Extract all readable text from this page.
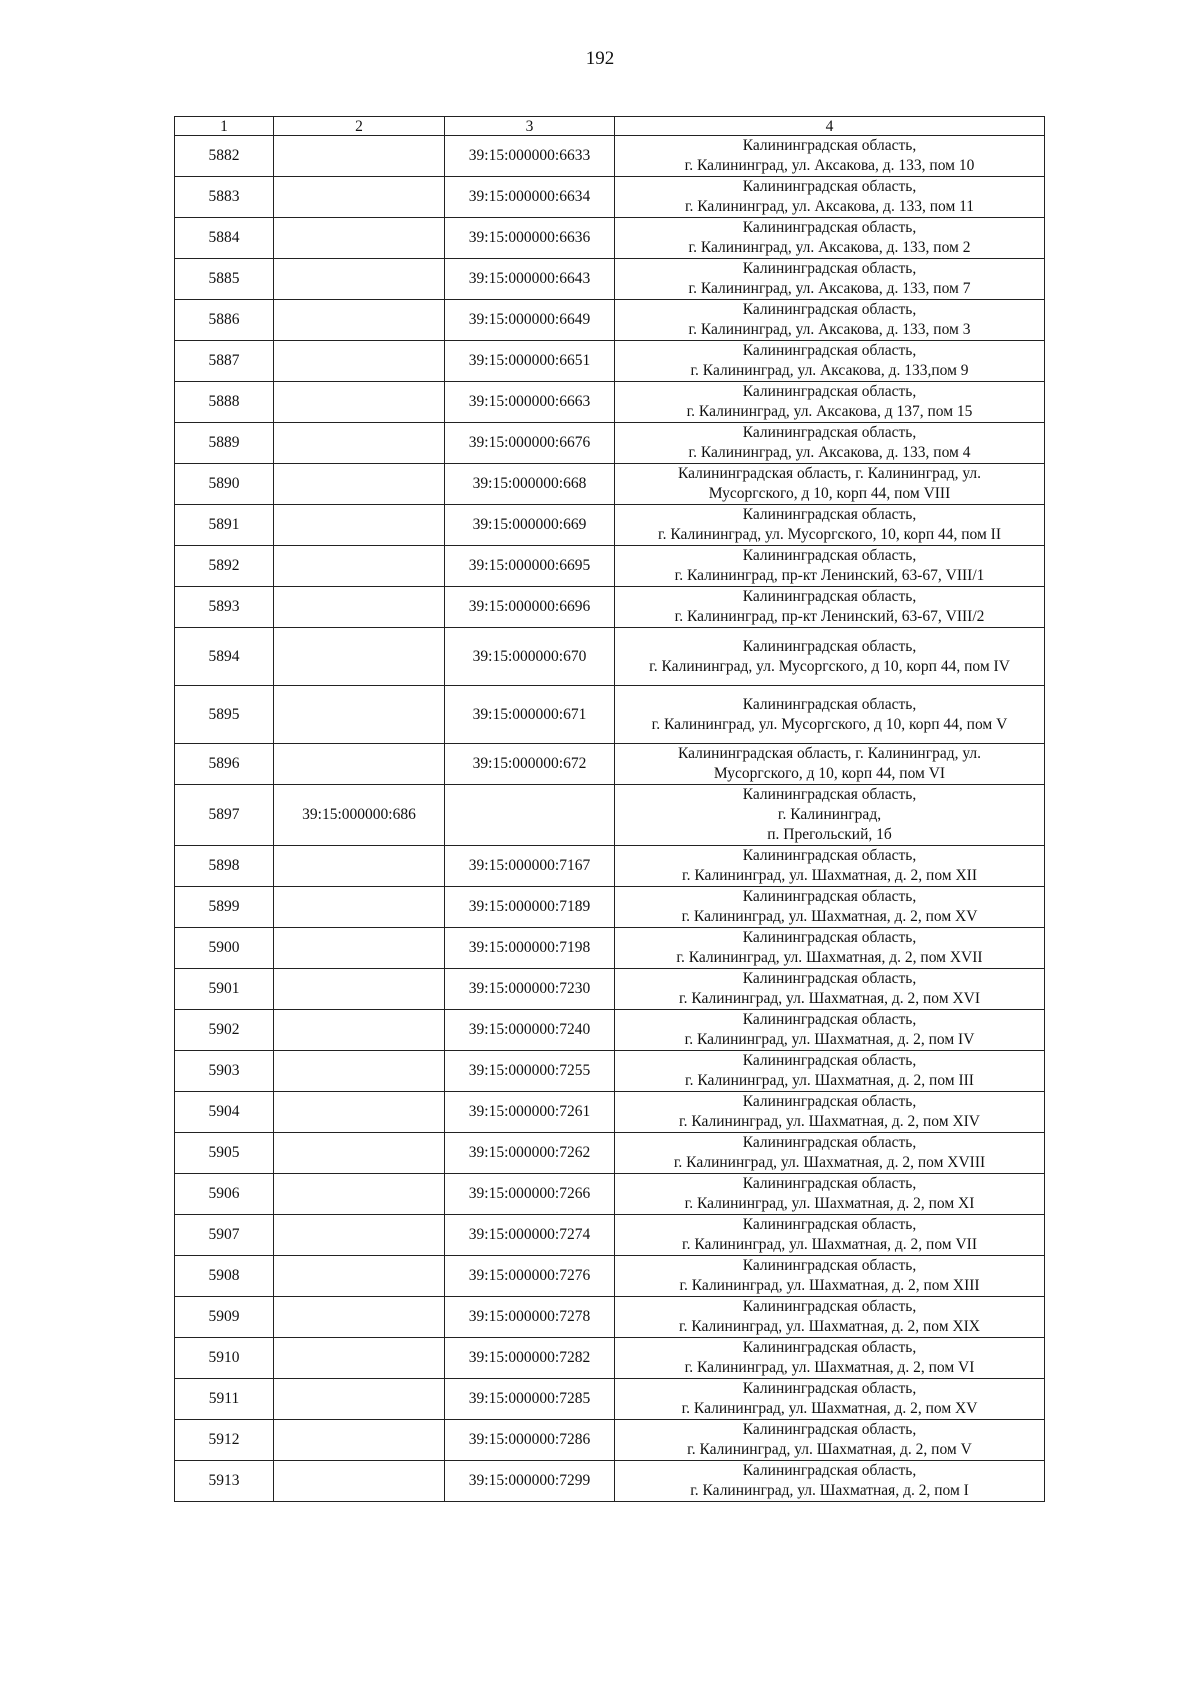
192
1	2	3	4
5882		39:15:000000:6633	Калининградская область,
г. Калининград, ул. Аксакова, д. 133, пом 10

5883		39:15:000000:6634	Калининградская область,
г. Калининград, ул. Аксакова, д. 133, пом 11

5884		39:15:000000:6636	Калининградская область,
г. Калининград, ул. Аксакова, д. 133, пом 2

5885		39:15:000000:6643	Калининградская область,
г. Калининград, ул. Аксакова, д. 133, пом 7

5886		39:15:000000:6649	Калининградская область,
г. Калининград, ул. Аксакова, д. 133, пом 3

5887		39:15:000000:6651	Калининградская область,
г. Калининград, ул. Аксакова, д. 133,пом 9

5888		39:15:000000:6663	Калининградская область,
г. Калининград, ул. Аксакова, д 137, пом 15

5889		39:15:000000:6676	Калининградская область,
г. Калининград, ул. Аксакова, д. 133, пом 4

5890		39:15:000000:668	Калининградская область, г. Калининград, ул.
Мусоргского, д 10, корп 44, пом VIII

5891		39:15:000000:669	Калининградская область,
г. Калининград, ул. Мусоргского, 10, корп 44, пом II

5892		39:15:000000:6695	Калининградская область,
г. Калининград, пр-кт Ленинский, 63-67, VIII/1

5893		39:15:000000:6696	Калининградская область,
г. Калининград, пр-кт Ленинский, 63-67, VIII/2

5894		39:15:000000:670	Калининградская область,
г. Калининград, ул. Мусоргского, д 10, корп 44, пом IV

5895		39:15:000000:671	Калининградская область,
г. Калининград, ул. Мусоргского, д 10, корп 44, пом V

5896		39:15:000000:672	Калининградская область, г. Калининград, ул.
Мусоргского, д 10, корп 44, пом VI

5897	39:15:000000:686		Калининградская область,
г. Калининград,
п. Прегольский, 1б

5898		39:15:000000:7167	Калининградская область,
г. Калининград, ул. Шахматная, д. 2, пом XII

5899		39:15:000000:7189	Калининградская область,
г. Калининград, ул. Шахматная, д. 2, пом XV

5900		39:15:000000:7198	Калининградская область,
г. Калининград, ул. Шахматная, д. 2, пом XVII

5901		39:15:000000:7230	Калининградская область,
г. Калининград, ул. Шахматная, д. 2, пом XVI

5902		39:15:000000:7240	Калининградская область,
г. Калининград, ул. Шахматная, д. 2, пом IV

5903		39:15:000000:7255	Калининградская область,
г. Калининград, ул. Шахматная, д. 2, пом III

5904		39:15:000000:7261	Калининградская область,
г. Калининград, ул. Шахматная, д. 2, пом XIV

5905		39:15:000000:7262	Калининградская область,
г. Калининград, ул. Шахматная, д. 2, пом XVIII

5906		39:15:000000:7266	Калининградская область,
г. Калининград, ул. Шахматная, д. 2, пом XI

5907		39:15:000000:7274	Калининградская область,
г. Калининград, ул. Шахматная, д. 2, пом VII

5908		39:15:000000:7276	Калининградская область,
г. Калининград, ул. Шахматная, д. 2, пом XIII

5909		39:15:000000:7278	Калининградская область,
г. Калининград, ул. Шахматная, д. 2, пом XIX

5910		39:15:000000:7282	Калининградская область,
г. Калининград, ул. Шахматная, д. 2, пом VI

5911		39:15:000000:7285	Калининградская область,
г. Калининград, ул. Шахматная, д. 2, пом XV

5912		39:15:000000:7286	Калининградская область,
г. Калининград, ул. Шахматная, д. 2, пом V

5913		39:15:000000:7299	Калининградская область,
г. Калининград, ул. Шахматная, д. 2, пом I
